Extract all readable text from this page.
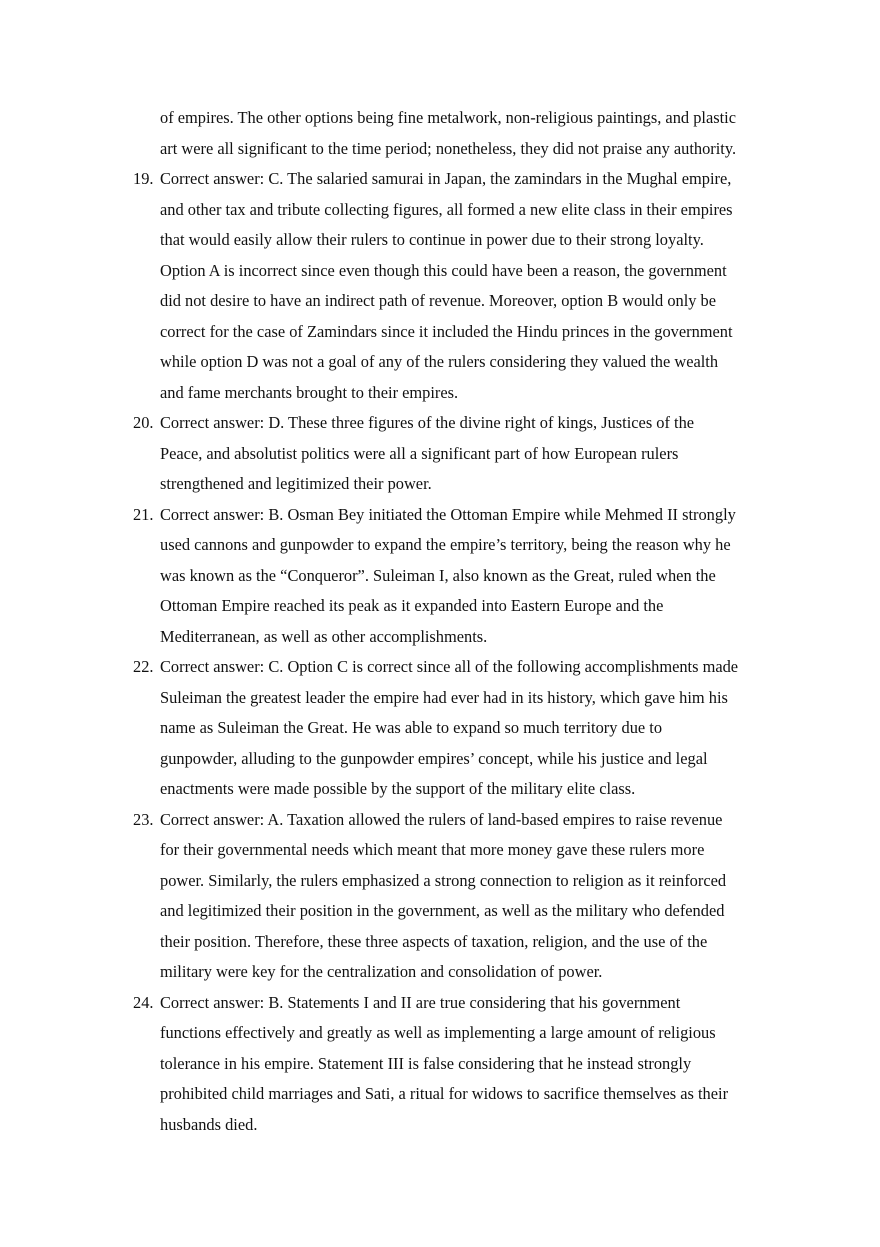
of empires. The other options being fine metalwork, non-religious paintings, and plastic
art were all significant to the time period; nonetheless, they did not praise any authority.
19. Correct answer: C. The salaried samurai in Japan, the zamindars in the Mughal empire,
and other tax and tribute collecting figures, all formed a new elite class in their empires
that would easily allow their rulers to continue in power due to their strong loyalty.
Option A is incorrect since even though this could have been a reason, the government
did not desire to have an indirect path of revenue. Moreover, option B would only be
correct for the case of Zamindars since it included the Hindu princes in the government
while option D was not a goal of any of the rulers considering they valued the wealth
and fame merchants brought to their empires.
20. Correct answer: D. These three figures of the divine right of kings, Justices of the
Peace, and absolutist politics were all a significant part of how European rulers
strengthened and legitimized their power.
21. Correct answer: B. Osman Bey initiated the Ottoman Empire while Mehmed II strongly
used cannons and gunpowder to expand the empire’s territory, being the reason why he
was known as the “Conqueror”. Suleiman I, also known as the Great, ruled when the
Ottoman Empire reached its peak as it expanded into Eastern Europe and the
Mediterranean, as well as other accomplishments.
22. Correct answer: C. Option C is correct since all of the following accomplishments made
Suleiman the greatest leader the empire had ever had in its history, which gave him his
name as Suleiman the Great. He was able to expand so much territory due to
gunpowder, alluding to the gunpowder empires’ concept, while his justice and legal
enactments were made possible by the support of the military elite class.
23. Correct answer: A. Taxation allowed the rulers of land-based empires to raise revenue
for their governmental needs which meant that more money gave these rulers more
power. Similarly, the rulers emphasized a strong connection to religion as it reinforced
and legitimized their position in the government, as well as the military who defended
their position. Therefore, these three aspects of taxation, religion, and the use of the
military were key for the centralization and consolidation of power.
24. Correct answer: B. Statements I and II are true considering that his government
functions effectively and greatly as well as implementing a large amount of religious
tolerance in his empire. Statement III is false considering that he instead strongly
prohibited child marriages and Sati, a ritual for widows to sacrifice themselves as their
husbands died.
